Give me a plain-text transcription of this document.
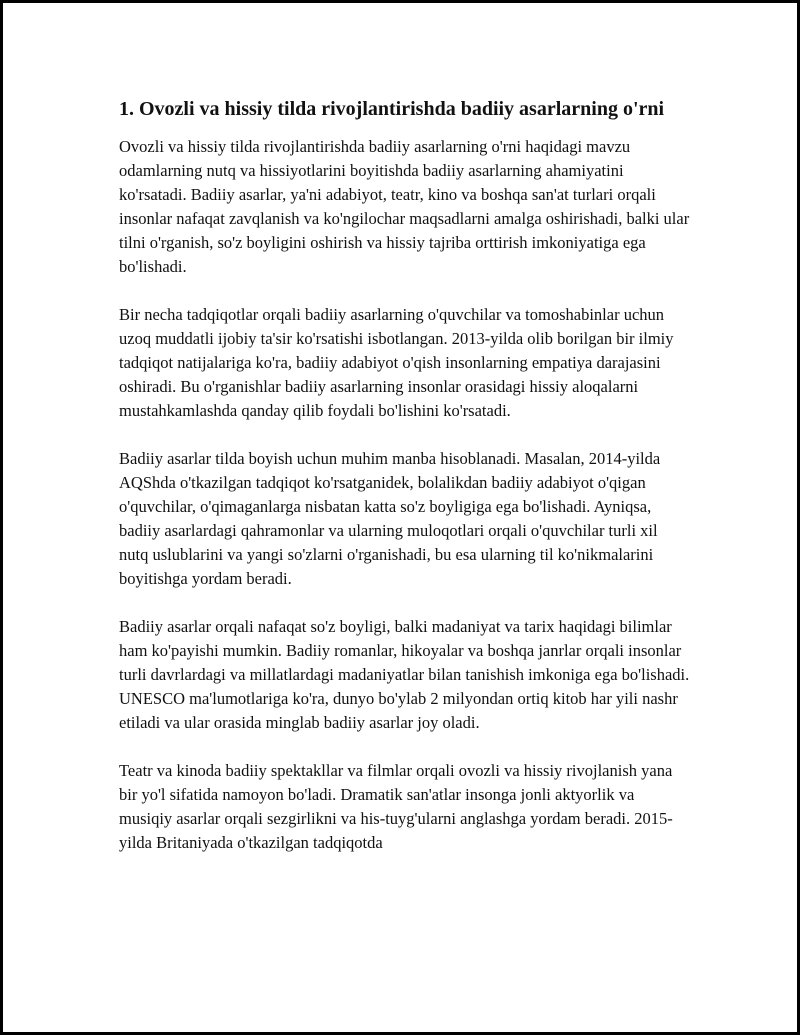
1. Ovozli va hissiy tilda rivojlantirishda badiiy asarlarning o'rni

Ovozli va hissiy tilda rivojlantirishda badiiy asarlarning o'rni haqidagi mavzu odamlarning nutq va hissiyotlarini boyitishda badiiy asarlarning ahamiyatini ko'rsatadi. Badiiy asarlar, ya'ni adabiyot, teatr, kino va boshqa san'at turlari orqali insonlar nafaqat zavqlanish va ko'ngilochar maqsadlarni amalga oshirishadi, balki ular tilni o'rganish, so'z boyligini oshirish va hissiy tajriba orttirish imkoniyatiga ega bo'lishadi.

Bir necha tadqiqotlar orqali badiiy asarlarning o'quvchilar va tomoshabinlar uchun uzoq muddatli ijobiy ta'sir ko'rsatishi isbotlangan. 2013-yilda olib borilgan bir ilmiy tadqiqot natijalariga ko'ra, badiiy adabiyot o'qish insonlarning empatiya darajasini oshiradi. Bu o'rganishlar badiiy asarlarning insonlar orasidagi hissiy aloqalarni mustahkamlashda qanday qilib foydali bo'lishini ko'rsatadi.

Badiiy asarlar tilda boyish uchun muhim manba hisoblanadi. Masalan, 2014-yilda AQShda o'tkazilgan tadqiqot ko'rsatganidek, bolalikdan badiiy adabiyot o'qigan o'quvchilar, o'qimaganlarga nisbatan katta so'z boyligiga ega bo'lishadi. Ayniqsa, badiiy asarlardagi qahramonlar va ularning muloqotlari orqali o'quvchilar turli xil nutq uslublarini va yangi so'zlarni o'rganishadi, bu esa ularning til ko'nikmalarini boyitishga yordam beradi.

Badiiy asarlar orqali nafaqat so'z boyligi, balki madaniyat va tarix haqidagi bilimlar ham ko'payishi mumkin. Badiiy romanlar, hikoyalar va boshqa janrlar orqali insonlar turli davrlardagi va millatlardagi madaniyatlar bilan tanishish imkoniga ega bo'lishadi. UNESCO ma'lumotlariga ko'ra, dunyo bo'ylab 2 milyondan ortiq kitob har yili nashr etiladi va ular orasida minglab badiiy asarlar joy oladi.

Teatr va kinoda badiiy spektakllar va filmlar orqali ovozli va hissiy rivojlanish yana bir yo'l sifatida namoyon bo'ladi. Dramatik san'atlar insonga jonli aktyorlik va musiqiy asarlar orqali sezgirlikni va his-tuyg'ularni anglashga yordam beradi. 2015-yilda Britaniyada o'tkazilgan tadqiqotda
